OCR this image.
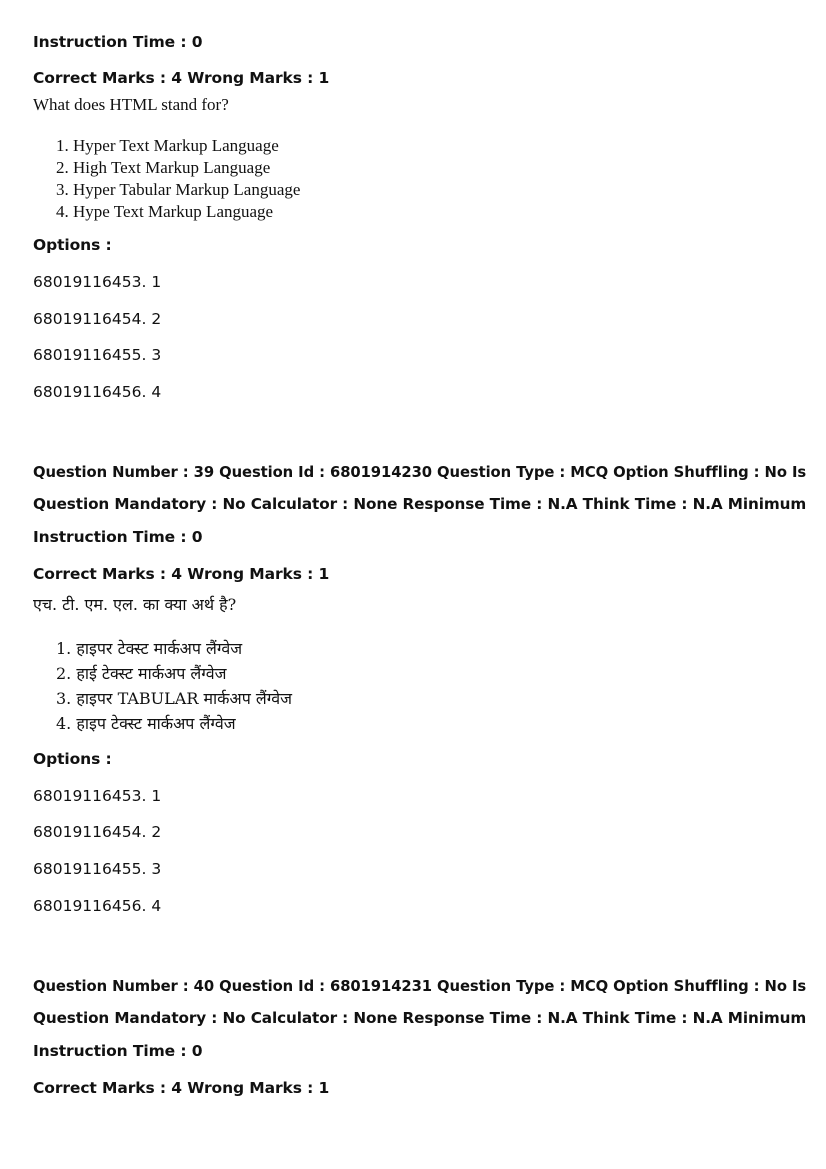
Instruction Time : 0
Correct Marks : 4 Wrong Marks : 1
What does HTML stand for?
1. Hyper Text Markup Language
2. High Text Markup Language
3. Hyper Tabular Markup Language
4. Hype Text Markup Language
Options :
68019116453. 1
68019116454. 2
68019116455. 3
68019116456. 4
Question Number : 39 Question Id : 6801914230 Question Type : MCQ Option Shuffling : No Is
Question Mandatory : No Calculator : None Response Time : N.A Think Time : N.A Minimum
Instruction Time : 0
Correct Marks : 4 Wrong Marks : 1
एच. टी. एम. एल. का क्या अर्थ है?
1. हाइपर टेक्स्ट मार्कअप लैंग्वेज
2. हाई टेक्स्ट मार्कअप लैंग्वेज
3. हाइपर TABULAR मार्कअप लैंग्वेज
4. हाइप टेक्स्ट मार्कअप लैंग्वेज
Options :
68019116453. 1
68019116454. 2
68019116455. 3
68019116456. 4
Question Number : 40 Question Id : 6801914231 Question Type : MCQ Option Shuffling : No Is
Question Mandatory : No Calculator : None Response Time : N.A Think Time : N.A Minimum
Instruction Time : 0
Correct Marks : 4 Wrong Marks : 1
